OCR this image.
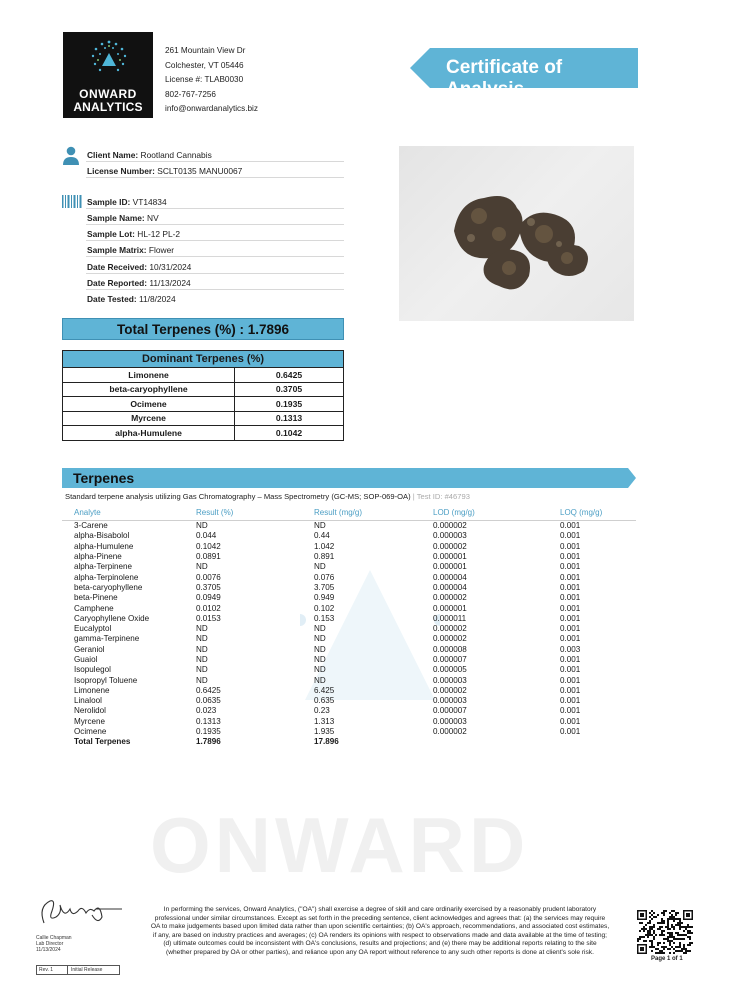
ONWARD
ANALYTICS
261 Mountain View Dr
Colchester, VT 05446
License #: TLAB0030
802-767-7256
info@onwardanalytics.biz
Certificate of Analysis
Client Name: Rootland Cannabis
License Number: SCLT0135 MANU0067
Sample ID: VT14834
Sample Name: NV
Sample Lot: HL-12 PL-2
Sample Matrix: Flower
Date Received: 10/31/2024
Date Reported: 11/13/2024
Date Tested: 11/8/2024
Total Terpenes (%) : 1.7896
Dominant Terpenes (%)	
Limonene	0.6425
beta-caryophyllene	0.3705
Ocimene	0.1935
Myrcene	0.1313
alpha-Humulene	0.1042
ONWARD
Terpenes
Standard terpene analysis utilizing Gas Chromatography – Mass Spectrometry (GC-MS; SOP-069-OA) | Test ID: #46793
Analyte	Result (%)	Result (mg/g)	LOD (mg/g)	LOQ (mg/g)
3-Carene	ND	ND	0.000002	0.001
alpha-Bisabolol	0.044	0.44	0.000003	0.001
alpha-Humulene	0.1042	1.042	0.000002	0.001
alpha-Pinene	0.0891	0.891	0.000001	0.001
alpha-Terpinene	ND	ND	0.000001	0.001
alpha-Terpinolene	0.0076	0.076	0.000004	0.001
beta-caryophyllene	0.3705	3.705	0.000004	0.001
beta-Pinene	0.0949	0.949	0.000002	0.001
Camphene	0.0102	0.102	0.000001	0.001
Caryophyllene Oxide	0.0153	0.153	0.000011	0.001
Eucalyptol	ND	ND	0.000002	0.001
gamma-Terpinene	ND	ND	0.000002	0.001
Geraniol	ND	ND	0.000008	0.003
Guaiol	ND	ND	0.000007	0.001
Isopulegol	ND	ND	0.000005	0.001
Isopropyl Toluene	ND	ND	0.000003	0.001
Limonene	0.6425	6.425	0.000002	0.001
Linalool	0.0635	0.635	0.000003	0.001
Nerolidol	0.023	0.23	0.000007	0.001
Myrcene	0.1313	1.313	0.000003	0.001
Ocimene	0.1935	1.935	0.000002	0.001
Total Terpenes	1.7896	17.896		
Callie Chapman
Lab Director
11/13/2024
Rev. 1	Initial Release
In performing the services, Onward Analytics, ("OA") shall exercise a degree of skill and care ordinarily exercised by a reasonably prudent laboratory professional under similar circumstances. Except as set forth in the preceding sentence, client acknowledges and agrees that: (a) the services may require OA to make judgements based upon limited data rather than upon scientific certainties; (b) OA's approach, recommendations, and associated cost estimates, if any, are based on industry practices and averages; (c) OA renders its opinions with respect to observations made and data available at the time of testing; (d) ultimate outcomes could be inconsistent with OA's conclusions, results and projections; and (e) there may be additional reports relating to the site (whether prepared by OA or other parties), and reliance upon any OA report without reference to any such other reports is done at client's sole risk.
Page 1 of 1
